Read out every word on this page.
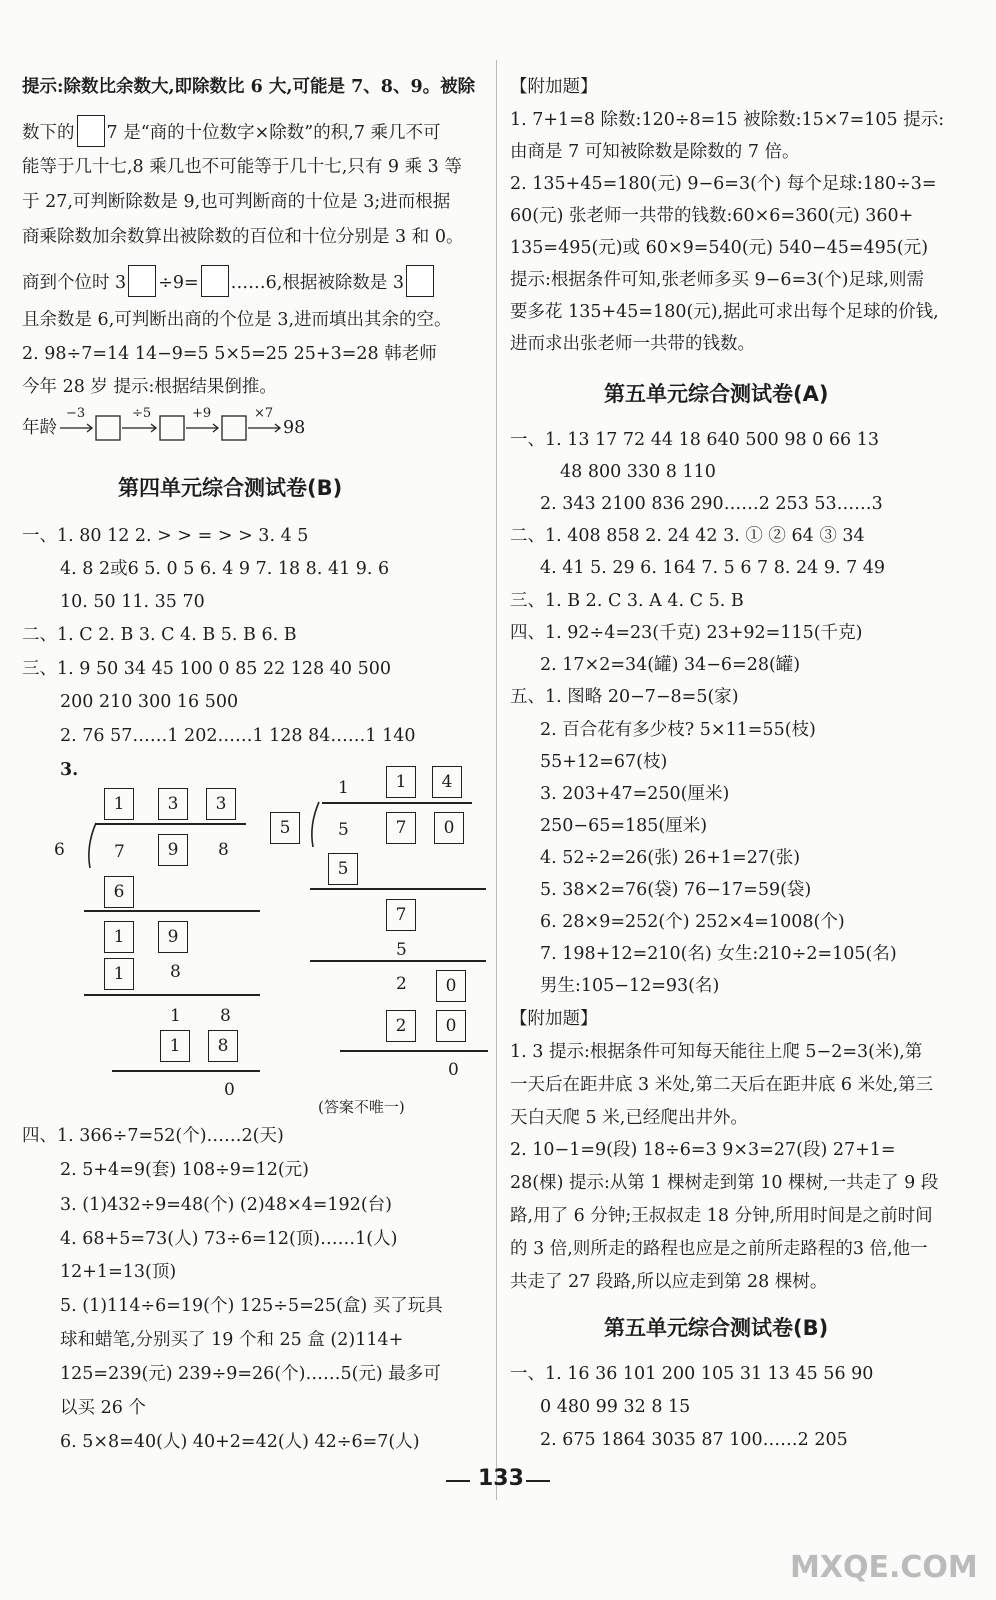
提示:除数比余数大,即除数比 6 大,可能是 7、8、9。被除
数下的 7 是“商的十位数字×除数”的积,7 乘几不可
能等于几十七,8 乘几也不可能等于几十七,只有 9 乘 3 等
于 27,可判断除数是 9,也可判断商的十位是 3;进而根据
商乘除数加余数算出被除数的百位和十位分别是 3 和 0。
商到个位时 3 ÷9= ……6,根据被除数是 3
且余数是 6,可判断出商的个位是 3,进而填出其余的空。
2. 98÷7=14 14−9=5 5×5=25 25+3=28 韩老师
今年 28 岁 提示:根据结果倒推。
年龄
−3	÷5	+9	×7
98
第四单元综合测试卷(B)
一、1. 80 12 2. > > = > > 3. 4 5
4. 8 2或6 5. 0 5 6. 4 9 7. 18 8. 41 9. 6
10. 50 11. 35 70
二、1. C 2. B 3. C 4. B 5. B 6. B
三、1. 9 50 34 45 100 0 85 22 128 40 500
200 210 300 16 500
2. 76 57……1 202……1 128 84……1 140
3.
1	3	3
6	7	9	8
6
1	9
1	8
1 8
1	8
0
1	1	4
5	5	7	0
5
7
5
2	0
2	0
0
(答案不唯一)
四、1. 366÷7=52(个)……2(天)
2. 5+4=9(套) 108÷9=12(元)
3. (1)432÷9=48(个) (2)48×4=192(台)
4. 68+5=73(人) 73÷6=12(顶)……1(人)
12+1=13(顶)
5. (1)114÷6=19(个) 125÷5=25(盒) 买了玩具
球和蜡笔,分别买了 19 个和 25 盒 (2)114+
125=239(元) 239÷9=26(个)……5(元) 最多可
以买 26 个
6. 5×8=40(人) 40+2=42(人) 42÷6=7(人)
【附加题】
1. 7+1=8 除数:120÷8=15 被除数:15×7=105 提示:
由商是 7 可知被除数是除数的 7 倍。
2. 135+45=180(元) 9−6=3(个) 每个足球:180÷3=
60(元) 张老师一共带的钱数:60×6=360(元) 360+
135=495(元)或 60×9=540(元) 540−45=495(元)
提示:根据条件可知,张老师多买 9−6=3(个)足球,则需
要多花 135+45=180(元),据此可求出每个足球的价钱,
进而求出张老师一共带的钱数。
第五单元综合测试卷(A)
一、1. 13 17 72 44 18 640 500 98 0 66 13
48 800 330 8 110
2. 343 2100 836 290……2 253 53……3
二、1. 408 858 2. 24 42 3. ① ② 64 ③ 34
4. 41 5. 29 6. 164 7. 5 6 7 8. 24 9. 7 49
三、1. B 2. C 3. A 4. C 5. B
四、1. 92÷4=23(千克) 23+92=115(千克)
2. 17×2=34(罐) 34−6=28(罐)
五、1. 图略 20−7−8=5(家)
2. 百合花有多少枝? 5×11=55(枝)
55+12=67(枝)
3. 203+47=250(厘米)
250−65=185(厘米)
4. 52÷2=26(张) 26+1=27(张)
5. 38×2=76(袋) 76−17=59(袋)
6. 28×9=252(个) 252×4=1008(个)
7. 198+12=210(名) 女生:210÷2=105(名)
男生:105−12=93(名)
【附加题】
1. 3 提示:根据条件可知每天能往上爬 5−2=3(米),第
一天后在距井底 3 米处,第二天后在距井底 6 米处,第三
天白天爬 5 米,已经爬出井外。
2. 10−1=9(段) 18÷6=3 9×3=27(段) 27+1=
28(棵) 提示:从第 1 棵树走到第 10 棵树,一共走了 9 段
路,用了 6 分钟;王叔叔走 18 分钟,所用时间是之前时间
的 3 倍,则所走的路程也应是之前所走路程的3 倍,他一
共走了 27 段路,所以应走到第 28 棵树。
第五单元综合测试卷(B)
一、1. 16 36 101 200 105 31 13 45 56 90
0 480 99 32 8 15
2. 675 1864 3035 87 100……2 205
133
MXQE.COM
